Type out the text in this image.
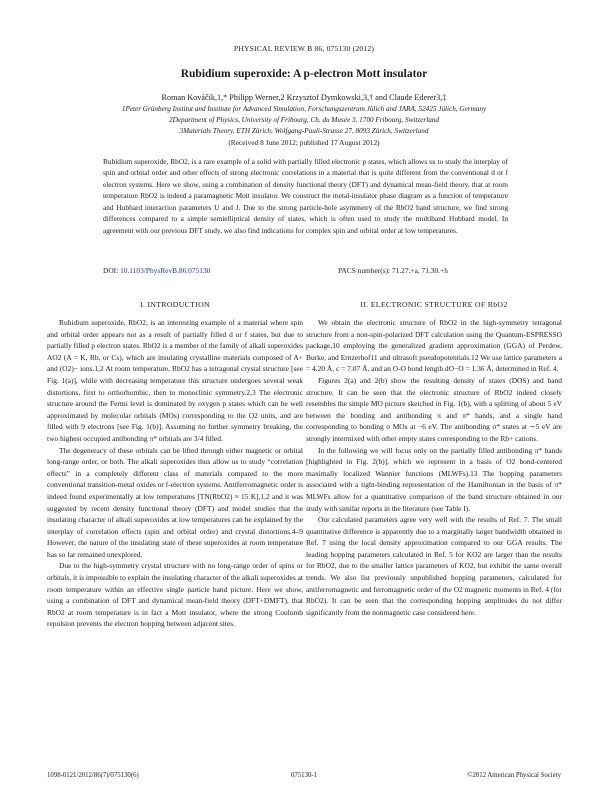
PHYSICAL REVIEW B 86, 075130 (2012)
Rubidium superoxide: A p-electron Mott insulator
Roman Kováčik,1,* Philipp Werner,2 Krzysztof Dymkowski,3,† and Claude Ederer3,‡
1Peter Grünberg Institut and Institute for Advanced Simulation, Forschungszentrum Jülich and JARA, 52425 Jülich, Germany
2Department of Physics, University of Fribourg, Ch. du Musée 3, 1700 Fribourg, Switzerland
3Materials Theory, ETH Zürich, Wolfgang-Pauli-Strasse 27, 8093 Zürich, Switzerland
(Received 8 June 2012; published 17 August 2012)

Rubidium superoxide, RbO2, is a rare example of a solid with partially filled electronic p states, which allows us to study the interplay of spin and orbital order and other effects of strong electronic correlations in a material that is quite different from the conventional d or f electron systems. Here we show, using a combination of density functional theory (DFT) and dynamical mean-field theory, that at room temperature RbO2 is indeed a paramagnetic Mott insulator. We construct the metal-insulator phase diagram as a function of temperature and Hubbard interaction parameters U and J. Due to the strong particle-hole asymmetry of the RbO2 band structure, we find strong differences compared to a simple semielliptical density of states, which is often used to study the multiband Hubbard model. In agreement with our previous DFT study, we also find indications for complex spin and orbital order at low temperatures.

DOI: 10.1103/PhysRevB.86.075130	PACS number(s): 71.27.+a, 71.30.+h
I. INTRODUCTION

Rubidium superoxide, RbO2, is an interesting example of a material where spin and orbital order appears not as a result of partially filled d or f states, but due to partially filled p electron states. RbO2 is a member of the family of alkali superoxides AO2 (A = K, Rb, or Cs), which are insulating crystalline materials composed of A+ and (O2)− ions.1,2 At room temperature, RbO2 has a tetragonal crystal structure [see Fig. 1(a)], while with decreasing temperature this structure undergoes several weak distortions, first to orthorhombic, then to monoclinic symmetry.2,3 The electronic structure around the Fermi level is dominated by oxygen p states which can be well approximated by molecular orbitals (MOs) corresponding to the O2 units, and are filled with 9 electrons [see Fig. 1(b)]. Assuming no further symmetry breaking, the two highest occupied antibonding π* orbitals are 3/4 filled.

The degeneracy of these orbitals can be lifted through either magnetic or orbital long-range order, or both. The alkali superoxides thus allow us to study “correlation effects” in a completely different class of materials compared to the more conventional transition-metal oxides or f-electron systems. Antiferromagnetic order is indeed found experimentally at low temperatures [TN(RbO2) ≈ 15 K],1,2 and it was suggested by recent density functional theory (DFT) and model studies that the insulating character of alkali superoxides at low temperatures can be explained by the interplay of correlation effects (spin and orbital order) and crystal distortions.4–9 However, the nature of the insulating state of these superoxides at room temperature has so far remained unexplored.

Due to the high-symmetry crystal structure with no long-range order of spins or orbitals, it is impossible to explain the insulating character of the alkali superoxides at room temperature within an effective single particle band picture. Here we show, using a combination of DFT and dynamical mean-field theory (DFT+DMFT), that RbO2 at room temperature is in fact a Mott insulator, where the strong Coulomb repulsion prevents the electron hopping between adjacent sites.

II. ELECTRONIC STRUCTURE OF RbO2

We obtain the electronic structure of RbO2 in the high-symmetry tetragonal structure from a non-spin-polarized DFT calculation using the Quantum-ESPRESSO package,10 employing the generalized gradient approximation (GGA) of Perdew, Burke, and Ernzerhof11 and ultrasoft pseudopotentials.12 We use lattice parameters a = 4.20 Å, c = 7.07 Å, and an O-O bond length dO−O = 1.36 Å, determined in Ref. 4.

Figures 2(a) and 2(b) show the resulting density of states (DOS) and band structure. It can be seen that the electronic structure of RbO2 indeed closely resembles the simple MO picture sketched in Fig. 1(b), with a splitting of about 5 eV between the bonding and antibonding π and π* bands, and a single band corresponding to bonding σ MOs at −6 eV. The antibonding σ* states at ∼5 eV are strongly intermixed with other empty states corresponding to the Rb+ cations.

In the following we will focus only on the partially filled antibonding π* bands [highlighted in Fig. 2(b)], which we represent in a basis of O2 bond-centered maximally localized Wannier functions (MLWFs).13 The hopping parameters associated with a tight-binding representation of the Hamiltonian in the basis of π* MLWFs allow for a quantitative comparison of the band structure obtained in our study with similar reports in the literature (see Table I).

Our calculated parameters agree very well with the results of Ref. 7. The small quantitative difference is apparently due to a marginally larger bandwidth obtained in Ref. 7 using the local density approximation compared to our GGA results. The leading hopping parameters calculated in Ref. 5 for KO2 are larger than the results for RbO2, due to the smaller lattice parameters of KO2, but exhibit the same overall trends. We also list previously unpublished hopping parameters, calculated for antiferromagnetic and ferromagnetic order of the O2 magnetic moments in Ref. 4 (for RbO2). It can be seen that the corresponding hopping amplitudes do not differ significantly from the nonmagnetic case considered here.

1098-0121/2012/86(7)/075130(6)	075130-1	©2012 American Physical Society
